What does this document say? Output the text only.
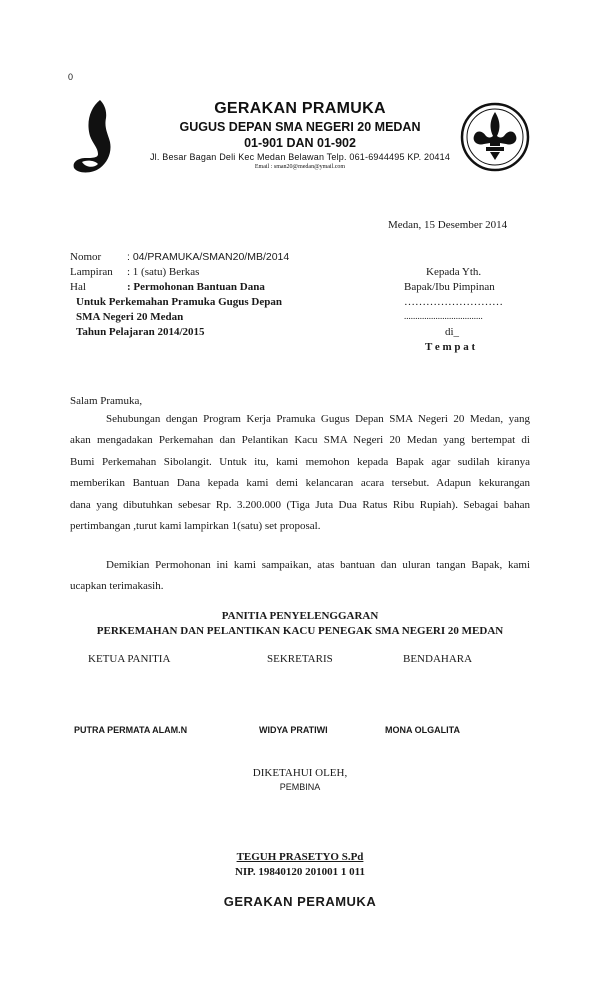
0
GERAKAN PRAMUKA
GUGUS DEPAN SMA NEGERI 20 MEDAN
01-901 DAN 01-902
Jl. Besar Bagan Deli Kec Medan Belawan Telp. 061-6944495 KP. 20414
Email : sman20@medan@ymail.com
Medan, 15 Desember 2014
Nomor : 04/PRAMUKA/SMAN20/MB/2014
Lampiran : 1 (satu) Berkas
Hal	: Permohonan Bantuan Dana
Untuk Perkemahan Pramuka Gugus Depan
SMA Negeri 20 Medan
Tahun Pelajaran 2014/2015
Kepada Yth.
Bapak/Ibu Pimpinan
………………………
...................................
di_
T e m p a t
Salam Pramuka,
Sehubungan dengan Program Kerja Pramuka Gugus Depan SMA Negeri 20 Medan, yang
akan mengadakan Perkemahan dan Pelantikan Kacu SMA Negeri 20 Medan yang bertempat di
Bumi Perkemahan Sibolangit. Untuk itu, kami memohon kepada Bapak agar sudilah kiranya
memberikan Bantuan Dana kepada kami demi kelancaran acara tersebut. Adapun kekurangan
dana yang dibutuhkan sebesar Rp. 3.200.000 (Tiga Juta Dua Ratus Ribu Rupiah). Sebagai bahan
pertimbangan ,turut kami lampirkan 1(satu) set proposal.
Demikian Permohonan ini kami sampaikan, atas bantuan dan uluran tangan Bapak, kami
ucapkan terimakasih.
PANITIA PENYELENGGARAN
PERKEMAHAN DAN PELANTIKAN KACU PENEGAK SMA NEGERI 20 MEDAN
KETUA PANITIA	SEKRETARIS	BENDAHARA
PUTRA PERMATA ALAM.N	WIDYA PRATIWI	MONA OLGALITA
DIKETAHUI OLEH,
PEMBINA
TEGUH PRASETYO S.Pd
NIP. 19840120 201001 1 011
GERAKAN PERAMUKA
